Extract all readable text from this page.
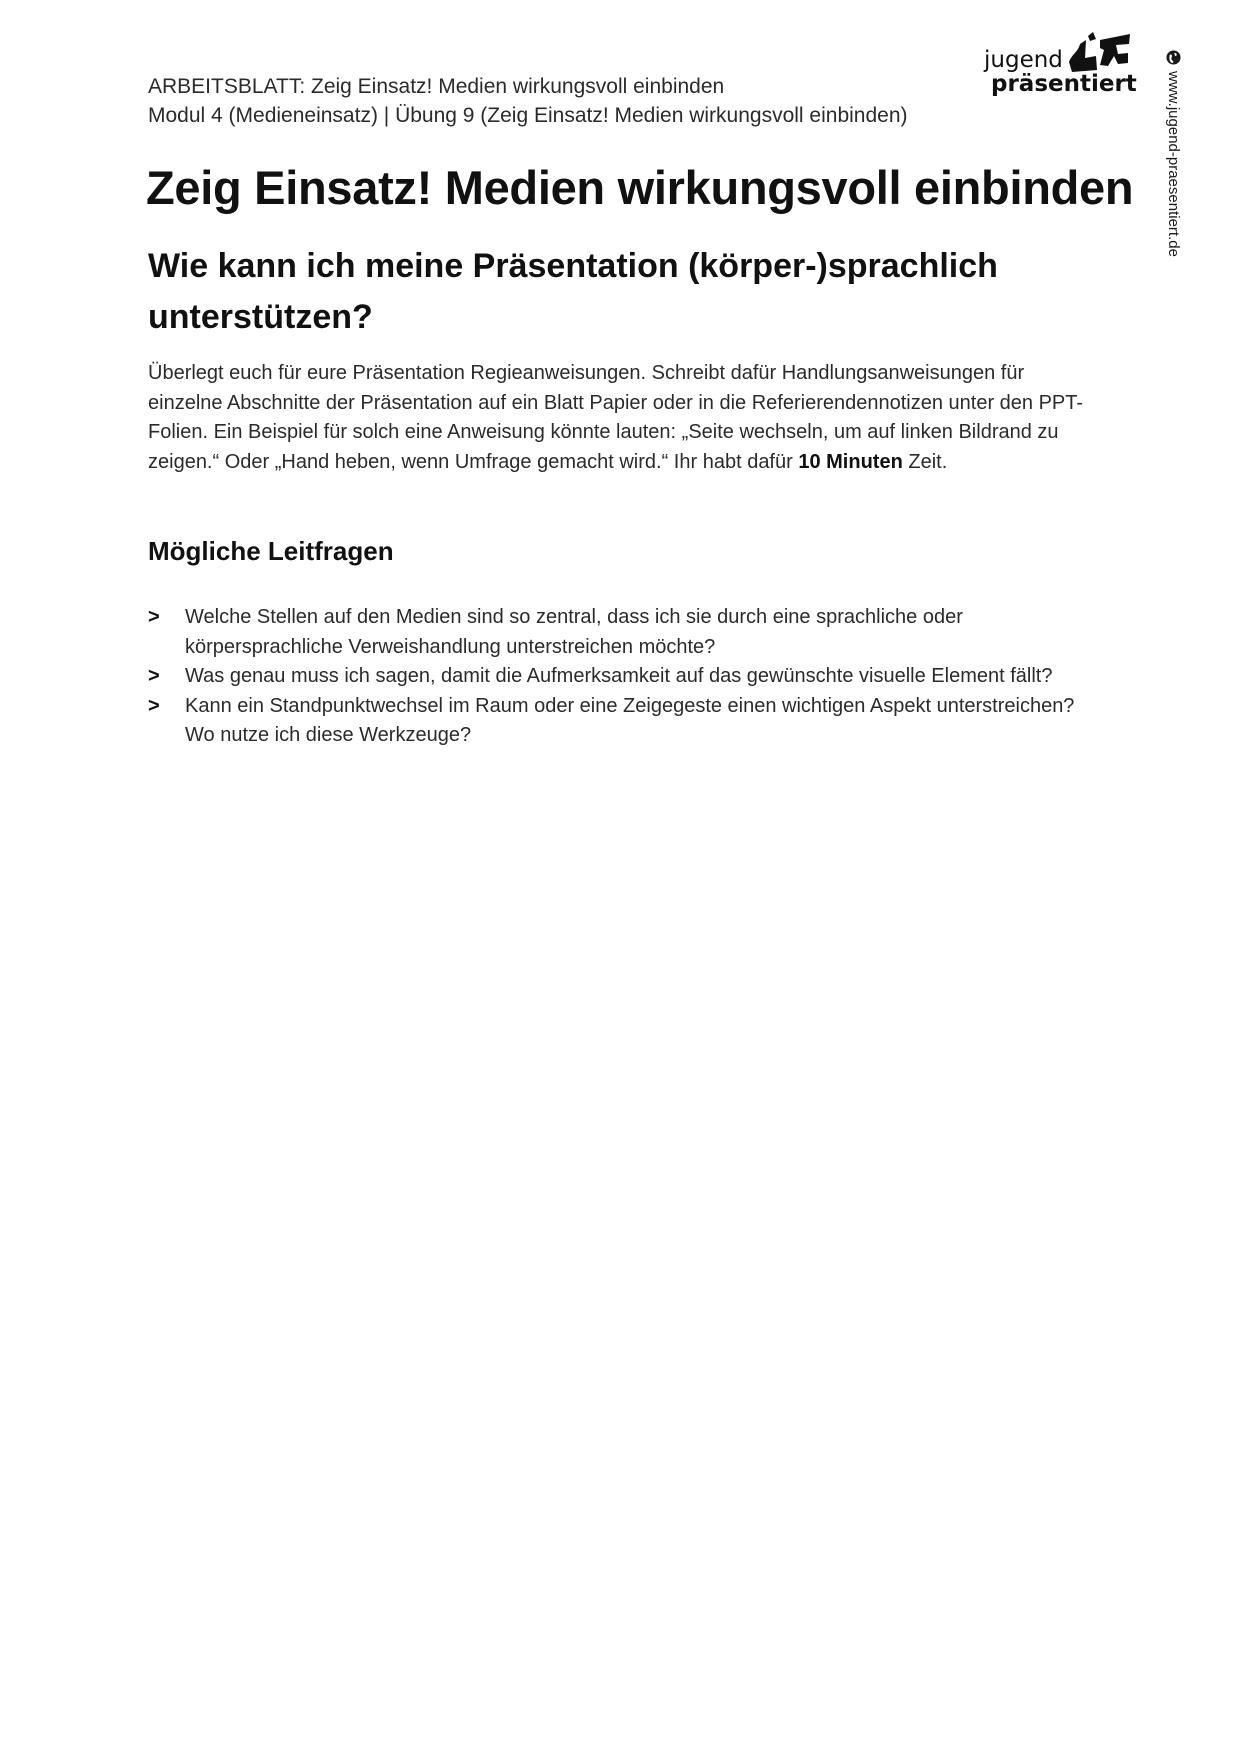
ARBEITSBLATT: Zeig Einsatz! Medien wirkungsvoll einbinden
Modul 4 (Medieneinsatz) | Übung 9 (Zeig Einsatz! Medien wirkungsvoll einbinden)
jugend
präsentiert www.jugend-praesentiert.de
Zeig Einsatz! Medien wirkungsvoll einbinden
Wie kann ich meine Präsentation (körper-)sprachlich unterstützen?

Überlegt euch für eure Präsentation Regieanweisungen. Schreibt dafür Handlungsanweisungen für einzelne Abschnitte der Präsentation auf ein Blatt Papier oder in die Referierendennotizen unter den PPT-Folien. Ein Beispiel für solch eine Anweisung könnte lauten: „Seite wechseln, um auf linken Bildrand zu zeigen.“ Oder „Hand heben, wenn Umfrage gemacht wird.“ Ihr habt dafür 10 Minuten Zeit.

Mögliche Leitfragen
> Welche Stellen auf den Medien sind so zentral, dass ich sie durch eine sprachliche oder körpersprachliche Verweishandlung unterstreichen möchte?
> Was genau muss ich sagen, damit die Aufmerksamkeit auf das gewünschte visuelle Element fällt?
> Kann ein Standpunktwechsel im Raum oder eine Zeigegeste einen wichtigen Aspekt unterstreichen? Wo nutze ich diese Werkzeuge?
